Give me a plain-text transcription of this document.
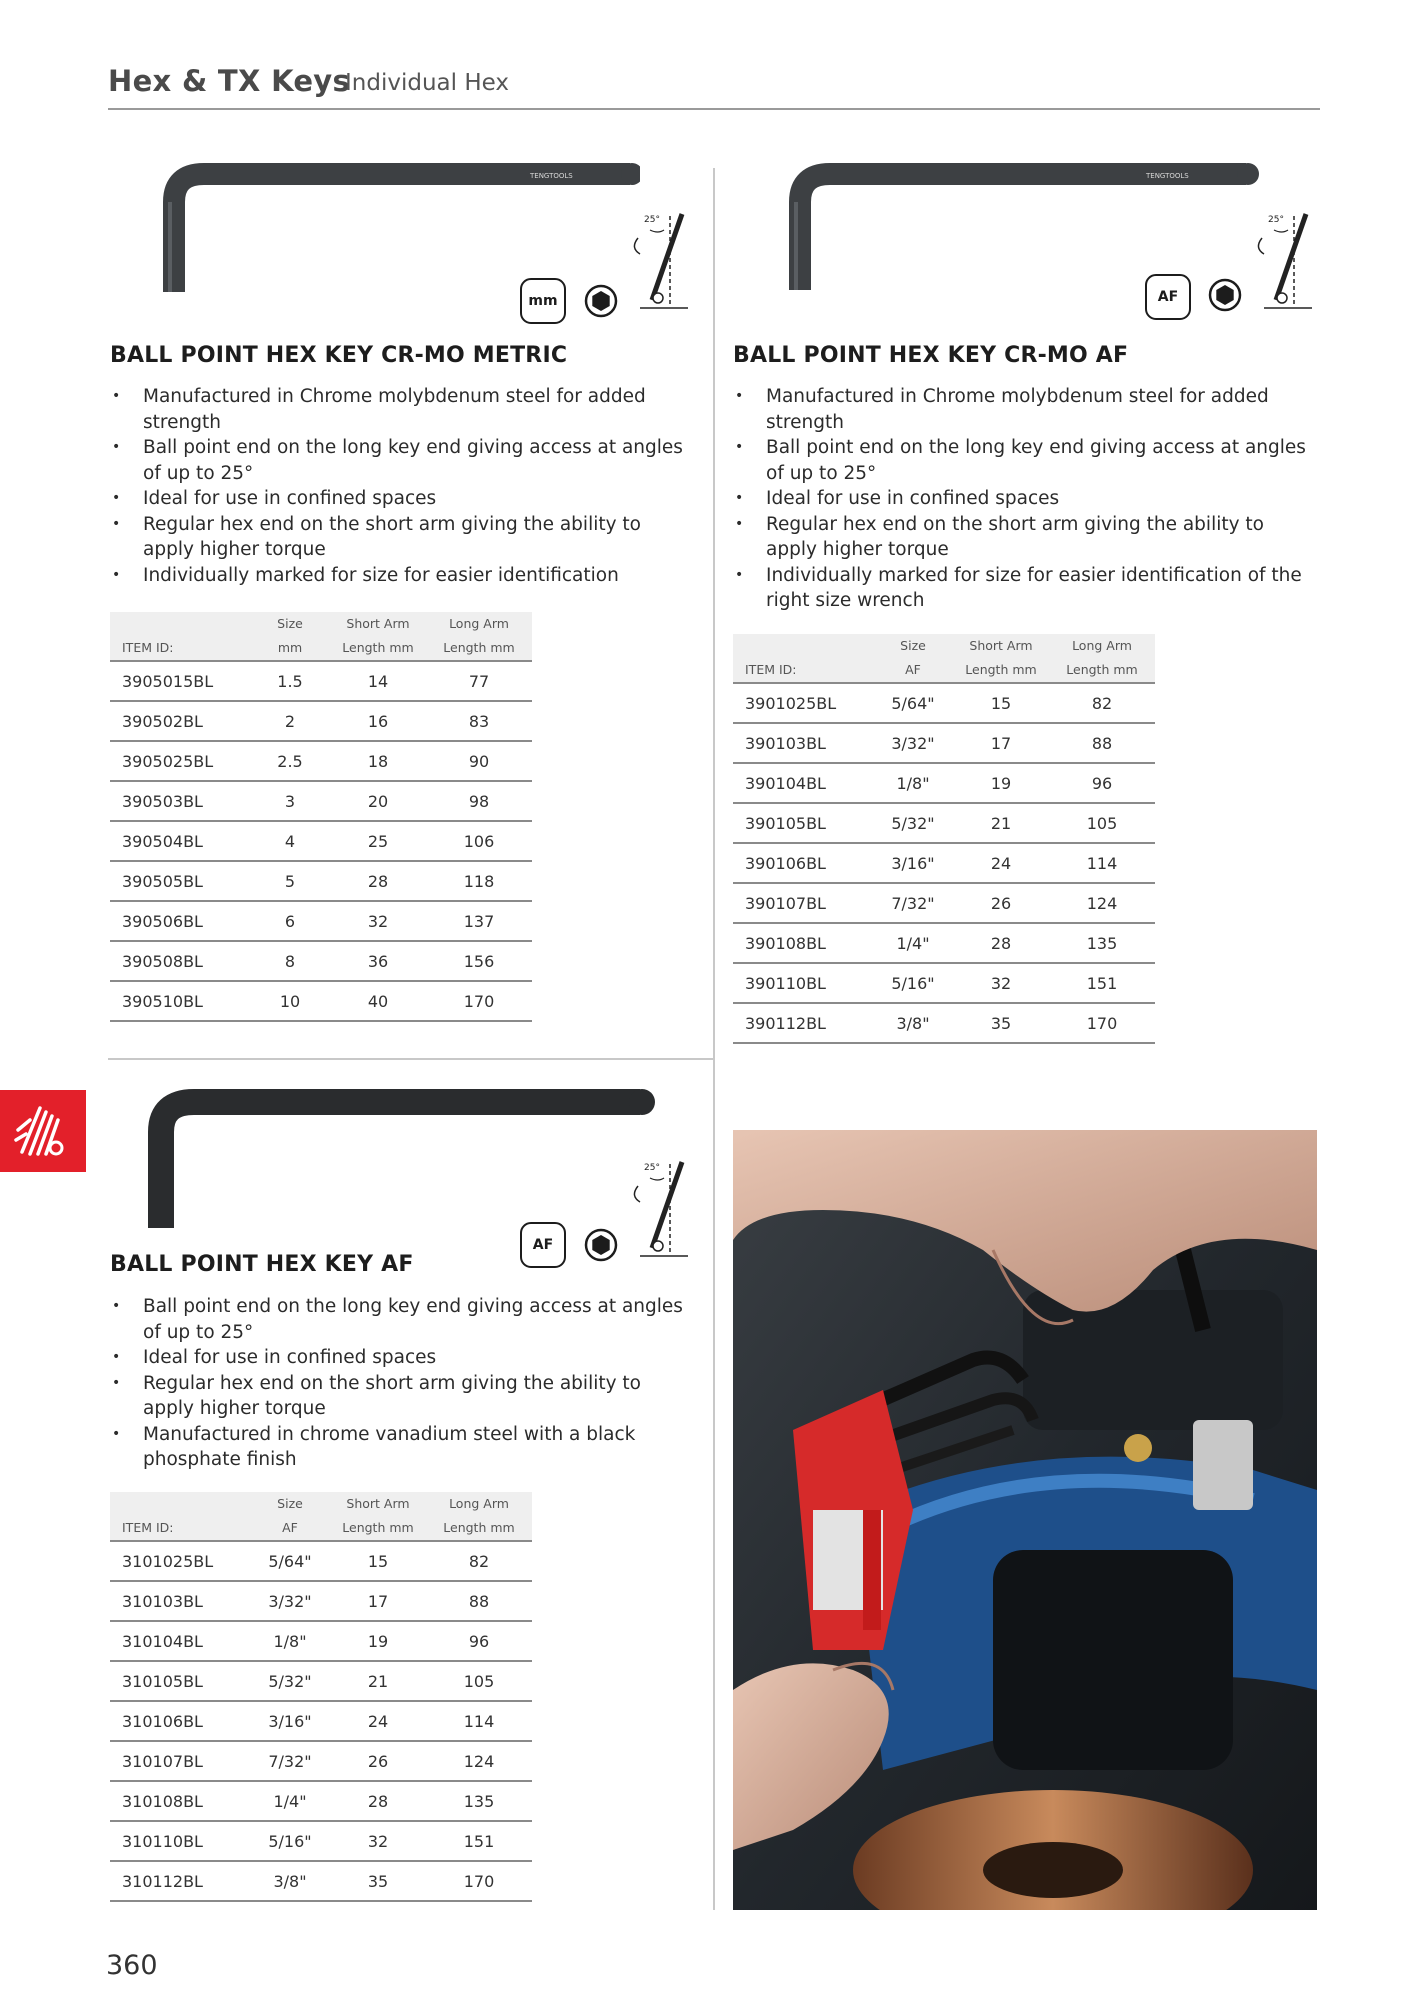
Hex & TX Keys
Individual Hex
TENGTOOLS
mm
25°
BALL POINT HEX KEY CR-MO METRIC
• Manufactured in Chrome molybdenum steel for added strength
• Ball point end on the long key end giving access at angles of up to 25°
• Ideal for use in confined spaces
• Regular hex end on the short arm giving the ability to apply higher torque
• Individually marked for size for easier identification
	Size	Short Arm	Long Arm
ITEM ID:	mm	Length mm	Length mm
3905015BL	1.5	14	77
390502BL	2	16	83
3905025BL	2.5	18	90
390503BL	3	20	98
390504BL	4	25	106
390505BL	5	28	118
390506BL	6	32	137
390508BL	8	36	156
390510BL	10	40	170
TENGTOOLS
AF
25°
BALL POINT HEX KEY CR-MO AF
• Manufactured in Chrome molybdenum steel for added strength
• Ball point end on the long key end giving access at angles of up to 25°
• Ideal for use in confined spaces
• Regular hex end on the short arm giving the ability to apply higher torque
• Individually marked for size for easier identification of the right size wrench
	Size	Short Arm	Long Arm
ITEM ID:	AF	Length mm	Length mm
3901025BL	5/64"	15	82
390103BL	3/32"	17	88
390104BL	1/8"	19	96
390105BL	5/32"	21	105
390106BL	3/16"	24	114
390107BL	7/32"	26	124
390108BL	1/4"	28	135
390110BL	5/16"	32	151
390112BL	3/8"	35	170
AF
25°
BALL POINT HEX KEY AF
• Ball point end on the long key end giving access at angles of up to 25°
• Ideal for use in confined spaces
• Regular hex end on the short arm giving the ability to apply higher torque
• Manufactured in chrome vanadium steel with a black phosphate finish
	Size	Short Arm	Long Arm
ITEM ID:	AF	Length mm	Length mm
3101025BL	5/64"	15	82
310103BL	3/32"	17	88
310104BL	1/8"	19	96
310105BL	5/32"	21	105
310106BL	3/16"	24	114
310107BL	7/32"	26	124
310108BL	1/4"	28	135
310110BL	5/16"	32	151
310112BL	3/8"	35	170
360
